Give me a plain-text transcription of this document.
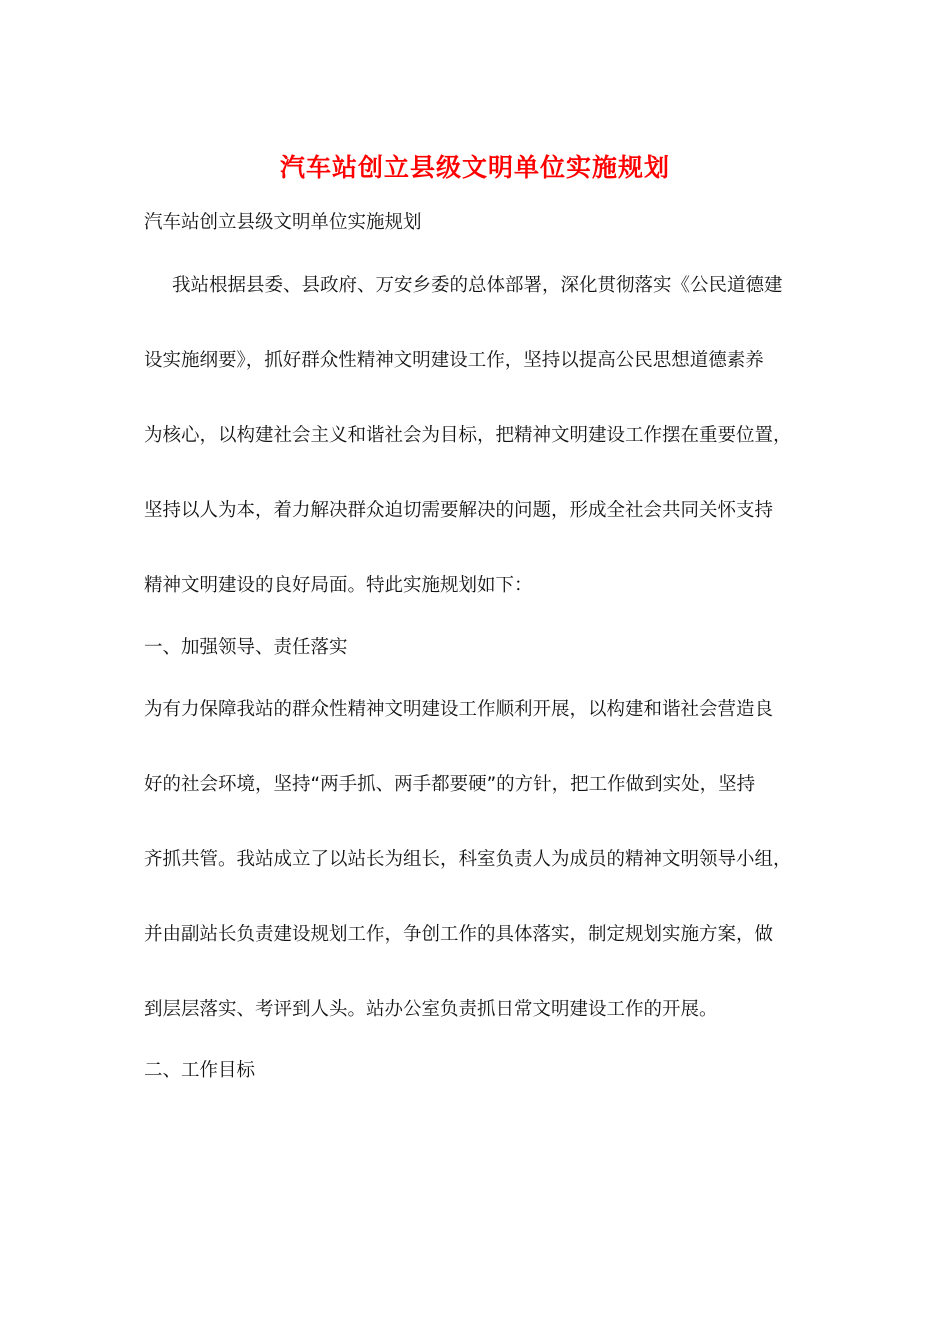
汽车站创立县级文明单位实施规划
汽车站创立县级文明单位实施规划
我站根据县委、县政府、万安乡委的总体部署，深化贯彻落实《公民道德建
设实施纲要》，抓好群众性精神文明建设工作，坚持以提高公民思想道德素养
为核心，以构建社会主义和谐社会为目标，把精神文明建设工作摆在重要位置，
坚持以人为本，着力解决群众迫切需要解决的问题，形成全社会共同关怀支持
精神文明建设的良好局面。特此实施规划如下：
一、加强领导、责任落实
为有力保障我站的群众性精神文明建设工作顺利开展，以构建和谐社会营造良
好的社会环境，坚持“两手抓、两手都要硬”的方针，把工作做到实处，坚持
齐抓共管。我站成立了以站长为组长，科室负责人为成员的精神文明领导小组，
并由副站长负责建设规划工作，争创工作的具体落实，制定规划实施方案，做
到层层落实、考评到人头。站办公室负责抓日常文明建设工作的开展。
二、工作目标
